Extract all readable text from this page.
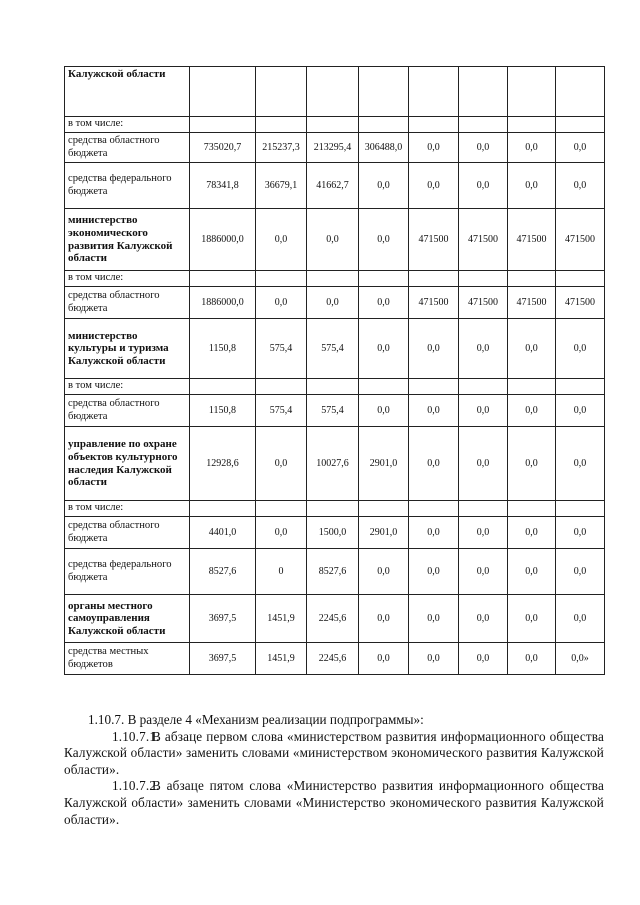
Калужской области								
в том числе:								
средства областного бюджета	735020,7	215237,3	213295,4	306488,0	0,0	0,0	0,0	0,0
средства федерального бюджета	78341,8	36679,1	41662,7	0,0	0,0	0,0	0,0	0,0
министерство экономического развития Калужской области	1886000,0	0,0	0,0	0,0	471500	471500	471500	471500
в том числе:								
средства областного бюджета	1886000,0	0,0	0,0	0,0	471500	471500	471500	471500
министерство культуры и туризма Калужской области	1150,8	575,4	575,4	0,0	0,0	0,0	0,0	0,0
в том числе:								
средства областного бюджета	1150,8	575,4	575,4	0,0	0,0	0,0	0,0	0,0
управление по охране объектов культурного наследия Калужской области	12928,6	0,0	10027,6	2901,0	0,0	0,0	0,0	0,0
в том числе:								
средства областного бюджета	4401,0	0,0	1500,0	2901,0	0,0	0,0	0,0	0,0
средства федерального бюджета	8527,6	0	8527,6	0,0	0,0	0,0	0,0	0,0
органы местного самоуправления Калужской области	3697,5	1451,9	2245,6	0,0	0,0	0,0	0,0	0,0
средства местных бюджетов	3697,5	1451,9	2245,6	0,0	0,0	0,0	0,0	0,0»

1.10.7. В разделе 4 «Механизм реализации подпрограммы»:

1.10.7.1.В абзаце первом слова «министерством развития информационного общества Калужской области» заменить словами «министерством экономического развития Калужской области».

1.10.7.2.В абзаце пятом слова «Министерство развития информационного общества Калужской области» заменить словами «Министерство экономического развития Калужской области».
